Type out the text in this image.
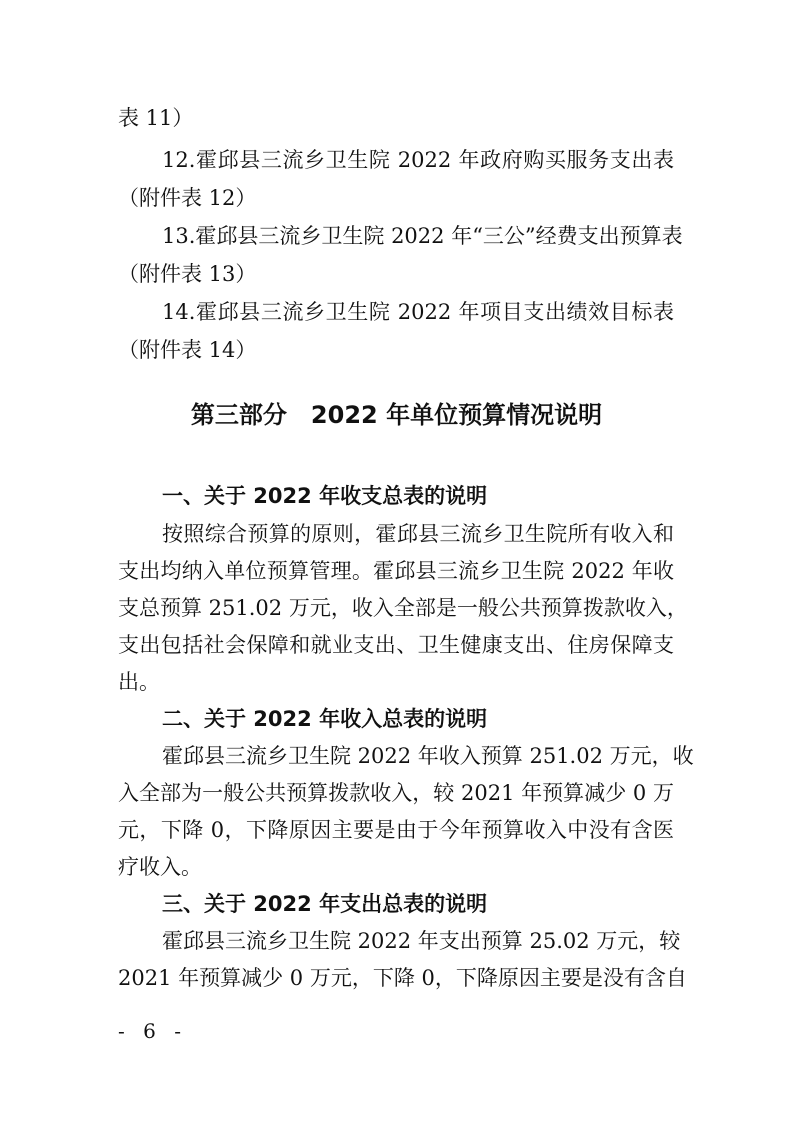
表 11）
12.霍邱县三流乡卫生院 2022 年政府购买服务支出表
（附件表 12）
13.霍邱县三流乡卫生院 2022 年“三公”经费支出预算表
（附件表 13）
14.霍邱县三流乡卫生院 2022 年项目支出绩效目标表
（附件表 14）
第三部分　2022 年单位预算情况说明
一、关于 2022 年收支总表的说明
按照综合预算的原则，霍邱县三流乡卫生院所有收入和
支出均纳入单位预算管理。霍邱县三流乡卫生院 2022 年收
支总预算 251.02 万元，收入全部是一般公共预算拨款收入，
支出包括社会保障和就业支出、卫生健康支出、住房保障支
出。
二、关于 2022 年收入总表的说明
霍邱县三流乡卫生院 2022 年收入预算 251.02 万元，收
入全部为一般公共预算拨款收入，较 2021 年预算减少 0 万
元，下降 0，下降原因主要是由于今年预算收入中没有含医
疗收入。
三、关于 2022 年支出总表的说明
霍邱县三流乡卫生院 2022 年支出预算 25.02 万元，较
2021 年预算减少 0 万元，下降 0，下降原因主要是没有含自
- 6 -
